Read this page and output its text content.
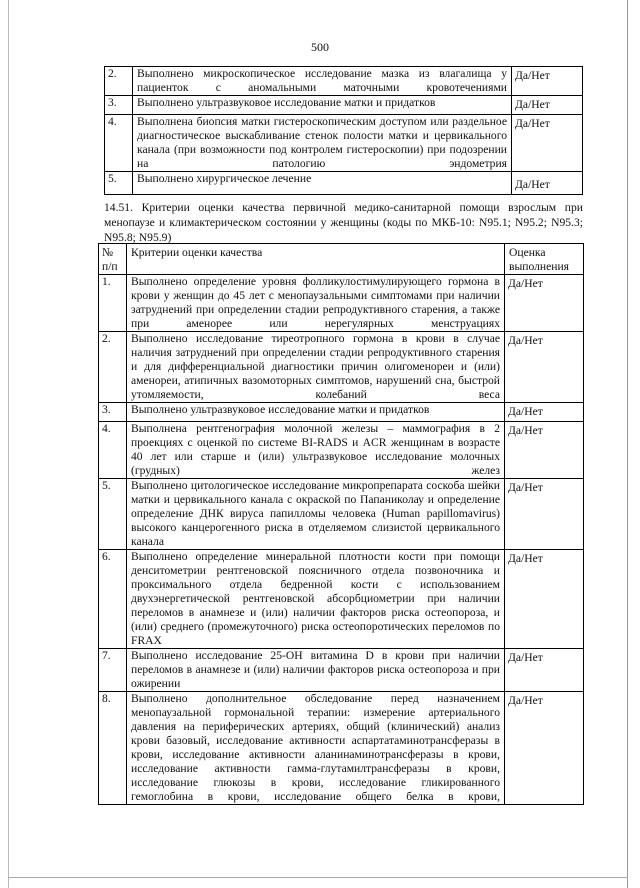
500
2.	Выполнено микроскопическое исследование мазка из влагалища у пациенток с аномальными маточными кровотечениями	Да/Нет
3.	Выполнено ультразвуковое исследование матки и придатков	Да/Нет
4.	Выполнена биопсия матки гистероскопическим доступом или раздельное диагностическое выскабливание стенок полости матки и цервикального канала (при возможности под контролем гистероскопии) при подозрении на патологию эндометрия	Да/Нет
5.	Выполнено хирургическое лечение	Да/Нет
14.51. Критерии оценки качества первичной медико-санитарной помощи взрослым при менопаузе и климактерическом состоянии у женщины (коды по МКБ-10: N95.1; N95.2; N95.3; N95.8; N95.9)
№ п/п	Критерии оценки качества	Оценка выполнения
1.	Выполнено определение уровня фолликулостимулирующего гормона в крови у женщин до 45 лет с менопаузальными симптомами при наличии затруднений при определении стадии репродуктивного старения, а также при аменорее или нерегулярных менструациях	Да/Нет
2.	Выполнено исследование тиреотропного гормона в крови в случае наличия затруднений при определении стадии репродуктивного старения и для дифференциальной диагностики причин олигоменореи и (или) аменореи, атипичных вазомоторных симптомов, нарушений сна, быстрой утомляемости, колебаний веса	Да/Нет
3.	Выполнено ультразвуковое исследование матки и придатков	Да/Нет
4.	Выполнена рентгенография молочной железы – маммография в 2 проекциях с оценкой по системе BI-RADS и ACR женщинам в возрасте 40 лет или старше и (или) ультразвуковое исследование молочных (грудных) желез	Да/Нет
5.	Выполнено цитологическое исследование микропрепарата соскоба шейки матки и цервикального канала с окраской по Папаниколау и определение определение ДНК вируса папилломы человека (Human papillomavirus) высокого канцерогенного риска в отделяемом слизистой цервикального канала	Да/Нет
6.	Выполнено определение минеральной плотности кости при помощи денситометрии рентгеновской поясничного отдела позвоночника и проксимального отдела бедренной кости с использованием двухэнергетической рентгеновской абсорбциометрии при наличии переломов в анамнезе и (или) наличии факторов риска остеопороза, и (или) среднего (промежуточного) риска остеопоротических переломов по FRAX	Да/Нет
7.	Выполнено исследование 25-ОН витамина D в крови при наличии переломов в анамнезе и (или) наличии факторов риска остеопороза и при ожирении	Да/Нет
8.	Выполнено дополнительное обследование перед назначением менопаузальной гормональной терапии: измерение артериального давления на периферических артериях, общий (клинический) анализ крови базовый, исследование активности аспартатаминотрансферазы в крови, исследование активности аланинаминотрансферазы в крови, исследование активности гамма-глутамилтрансферазы в крови, исследование глюкозы в крови, исследование гликированного гемоглобина в крови, исследование общего белка в крови,	Да/Нет
